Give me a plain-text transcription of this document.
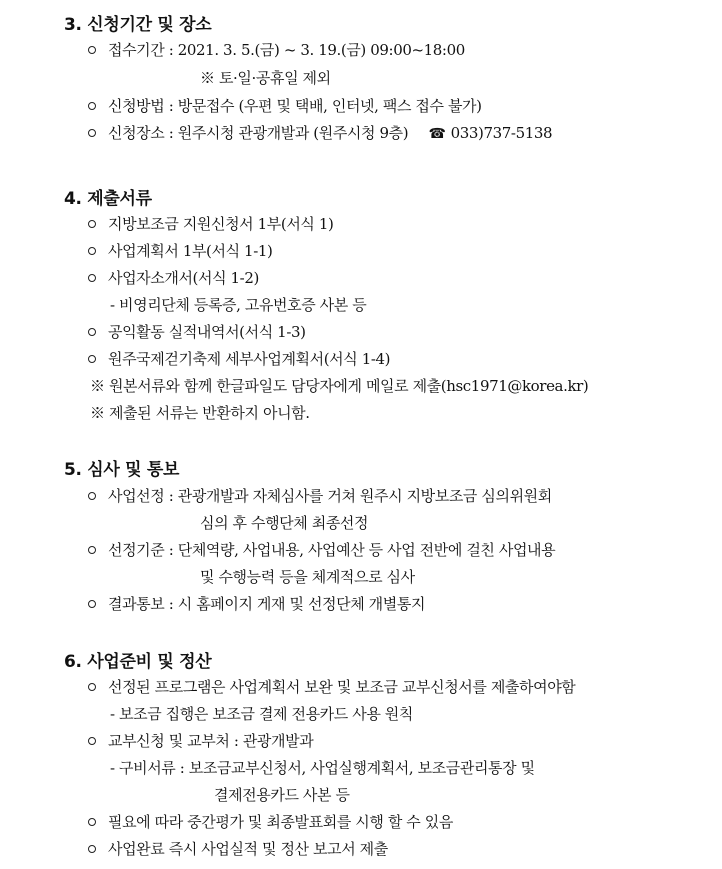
3. 신청기간 및 장소
접수기간 : 2021. 3. 5.(금) ~ 3. 19.(금) 09:00~18:00
※ 토·일·공휴일 제외
신청방법 : 방문접수 (우편 및 택배, 인터넷, 팩스 접수 불가)
신청장소 : 원주시청 관광개발과 (원주시청 9층) ☎ 033)737-5138
4. 제출서류
지방보조금 지원신청서 1부(서식 1)
사업계획서 1부(서식 1-1)
사업자소개서(서식 1-2)
- 비영리단체 등록증, 고유번호증 사본 등
공익활동 실적내역서(서식 1-3)
원주국제걷기축제 세부사업계획서(서식 1-4)
※ 원본서류와 함께 한글파일도 담당자에게 메일로 제출(hsc1971@korea.kr)
※ 제출된 서류는 반환하지 아니함.
5. 심사 및 통보
사업선정 : 관광개발과 자체심사를 거쳐 원주시 지방보조금 심의위원회
심의 후 수행단체 최종선정
선정기준 : 단체역량, 사업내용, 사업예산 등 사업 전반에 걸친 사업내용
및 수행능력 등을 체계적으로 심사
결과통보 : 시 홈페이지 게재 및 선정단체 개별통지
6. 사업준비 및 정산
선정된 프로그램은 사업계획서 보완 및 보조금 교부신청서를 제출하여야함
- 보조금 집행은 보조금 결제 전용카드 사용 원칙
교부신청 및 교부처 : 관광개발과
- 구비서류 : 보조금교부신청서, 사업실행계획서, 보조금관리통장 및
결제전용카드 사본 등
필요에 따라 중간평가 및 최종발표회를 시행 할 수 있음
사업완료 즉시 사업실적 및 정산 보고서 제출
